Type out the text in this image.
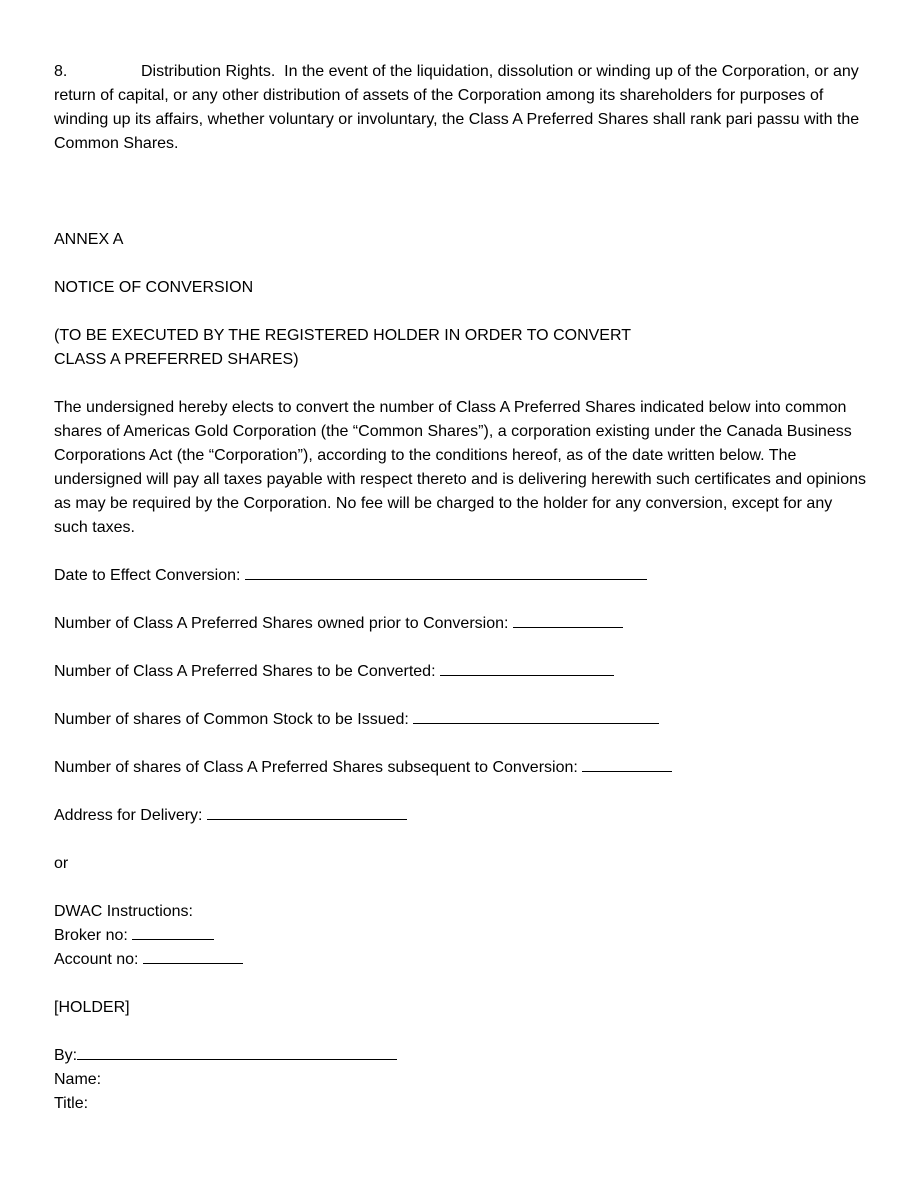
8.	Distribution Rights. In the event of the liquidation, dissolution or winding up of the Corporation, or any return of capital, or any other distribution of assets of the Corporation among its shareholders for purposes of winding up its affairs, whether voluntary or involuntary, the Class A Preferred Shares shall rank pari passu with the Common Shares.

ANNEX A

NOTICE OF CONVERSION

(TO BE EXECUTED BY THE REGISTERED HOLDER IN ORDER TO CONVERT

CLASS A PREFERRED SHARES)

The undersigned hereby elects to convert the number of Class A Preferred Shares indicated below into common shares of Americas Gold Corporation (the “Common Shares”), a corporation existing under the Canada Business Corporations Act (the “Corporation”), according to the conditions hereof, as of the date written below. The undersigned will pay all taxes payable with respect thereto and is delivering herewith such certificates and opinions as may be required by the Corporation. No fee will be charged to the holder for any conversion, except for any such taxes.

Date to Effect Conversion:

Number of Class A Preferred Shares owned prior to Conversion:

Number of Class A Preferred Shares to be Converted:

Number of shares of Common Stock to be Issued:

Number of shares of Class A Preferred Shares subsequent to Conversion:

Address for Delivery:

or

DWAC Instructions:

Broker no:

Account no:

[HOLDER]

By:

Name:

Title:
